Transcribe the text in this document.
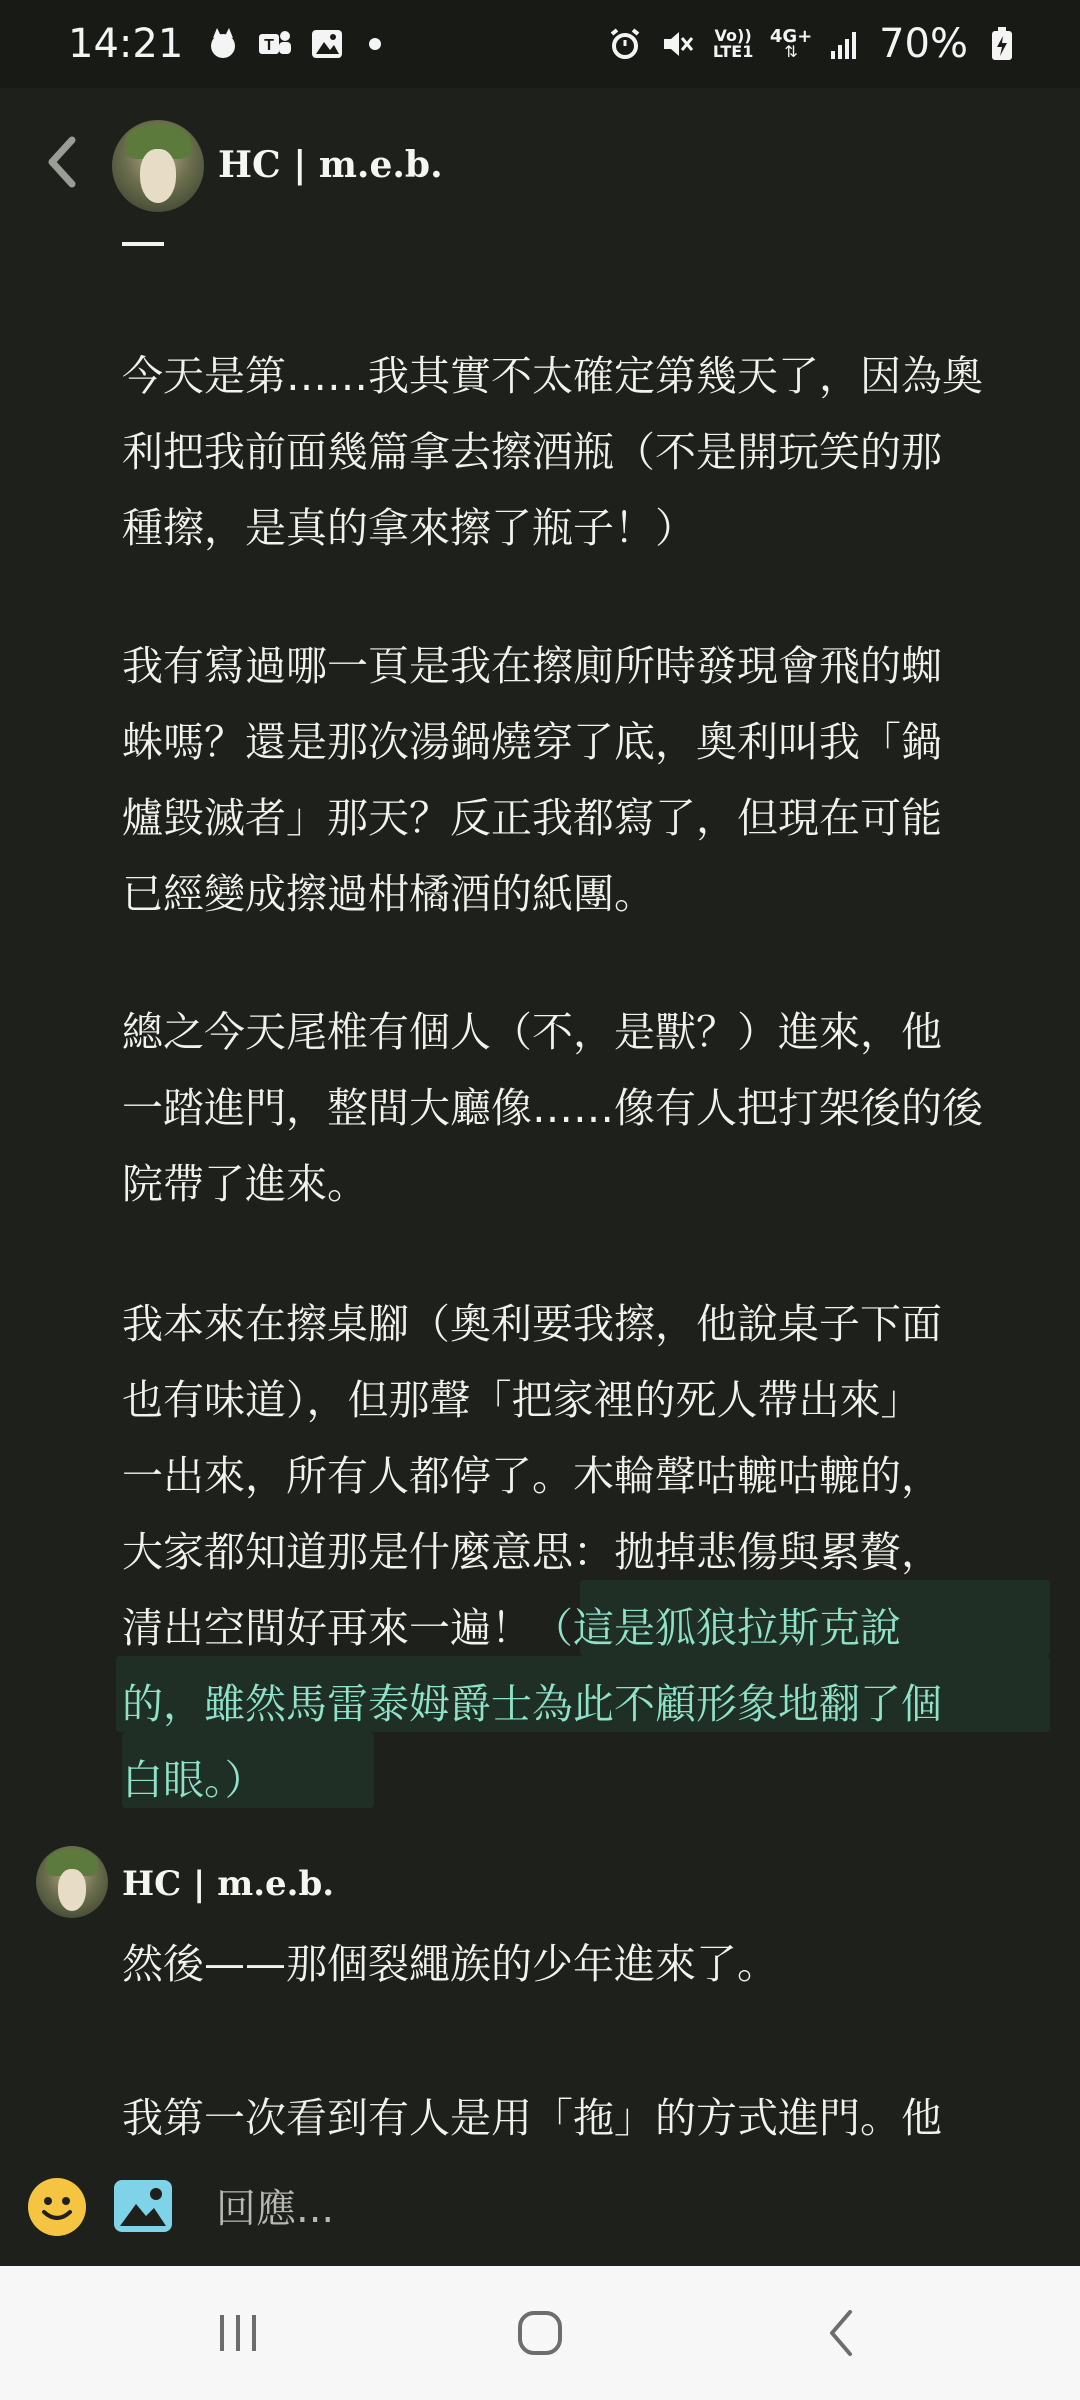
14:21	T
Vo))
LTE1
4G+
⇅ 70%
HC | m.e.b.
今天是第……我其實不太確定第幾天了，因為奧
利把我前面幾篇拿去擦酒瓶（不是開玩笑的那
種擦，是真的拿來擦了瓶子！）
我有寫過哪一頁是我在擦廁所時發現會飛的蜘
蛛嗎？還是那次湯鍋燒穿了底，奧利叫我「鍋
爐毀滅者」那天？反正我都寫了，但現在可能
已經變成擦過柑橘酒的紙團。
總之今天尾椎有個人（不，是獸？）進來，他
一踏進門，整間大廳像……像有人把打架後的後
院帶了進來。
我本來在擦桌腳（奧利要我擦，他說桌子下面
也有味道），但那聲「把家裡的死人帶出來」
一出來，所有人都停了。木輪聲咕轆咕轆的，
大家都知道那是什麼意思：拋掉悲傷與累贅，
清出空間好再來一遍！（這是狐狼拉斯克說
的，雖然馬雷泰姆爵士為此不顧形象地翻了個
白眼。）
HC | m.e.b.
然後——那個裂繩族的少年進來了。
我第一次看到有人是用「拖」的方式進門。他
回應...
